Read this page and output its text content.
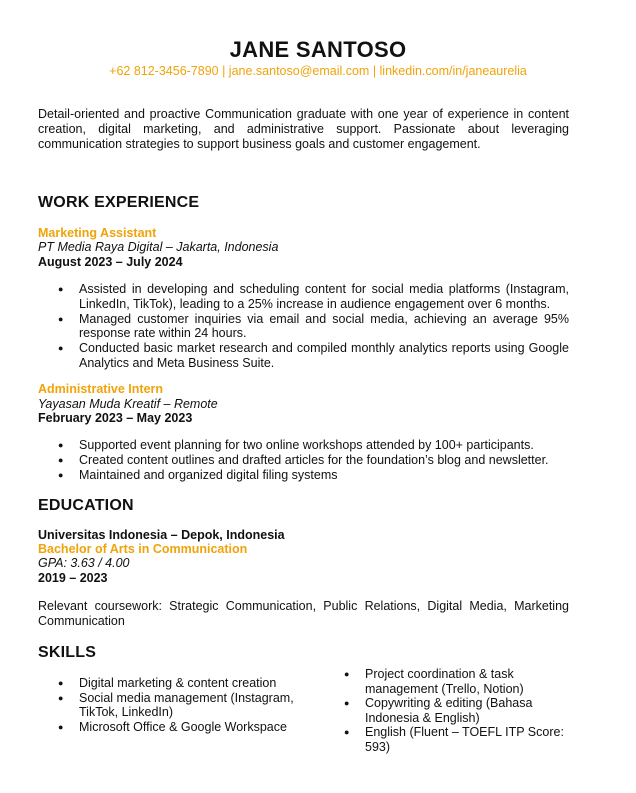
JANE SANTOSO
+62 812-3456-7890 | jane.santoso@email.com | linkedin.com/in/janeaurelia
Detail-oriented and proactive Communication graduate with one year of experience in content creation, digital marketing, and administrative support. Passionate about leveraging communication strategies to support business goals and customer engagement.
WORK EXPERIENCE
Marketing Assistant
PT Media Raya Digital – Jakarta, Indonesia
August 2023 – July 2024
● Assisted in developing and scheduling content for social media platforms (Instagram, LinkedIn, TikTok), leading to a 25% increase in audience engagement over 6 months.
● Managed customer inquiries via email and social media, achieving an average 95% response rate within 24 hours.
● Conducted basic market research and compiled monthly analytics reports using Google Analytics and Meta Business Suite.
Administrative Intern
Yayasan Muda Kreatif – Remote
February 2023 – May 2023
● Supported event planning for two online workshops attended by 100+ participants.
● Created content outlines and drafted articles for the foundation’s blog and newsletter.
● Maintained and organized digital filing systems
EDUCATION
Universitas Indonesia – Depok, Indonesia
Bachelor of Arts in Communication
GPA: 3.63 / 4.00
2019 – 2023
Relevant coursework: Strategic Communication, Public Relations, Digital Media, Marketing Communication
SKILLS
● Digital marketing & content creation
● Social media management (Instagram, TikTok, LinkedIn)
● Microsoft Office & Google Workspace
● Project coordination & task management (Trello, Notion)
● Copywriting & editing (Bahasa Indonesia & English)
● English (Fluent – TOEFL ITP Score: 593)
